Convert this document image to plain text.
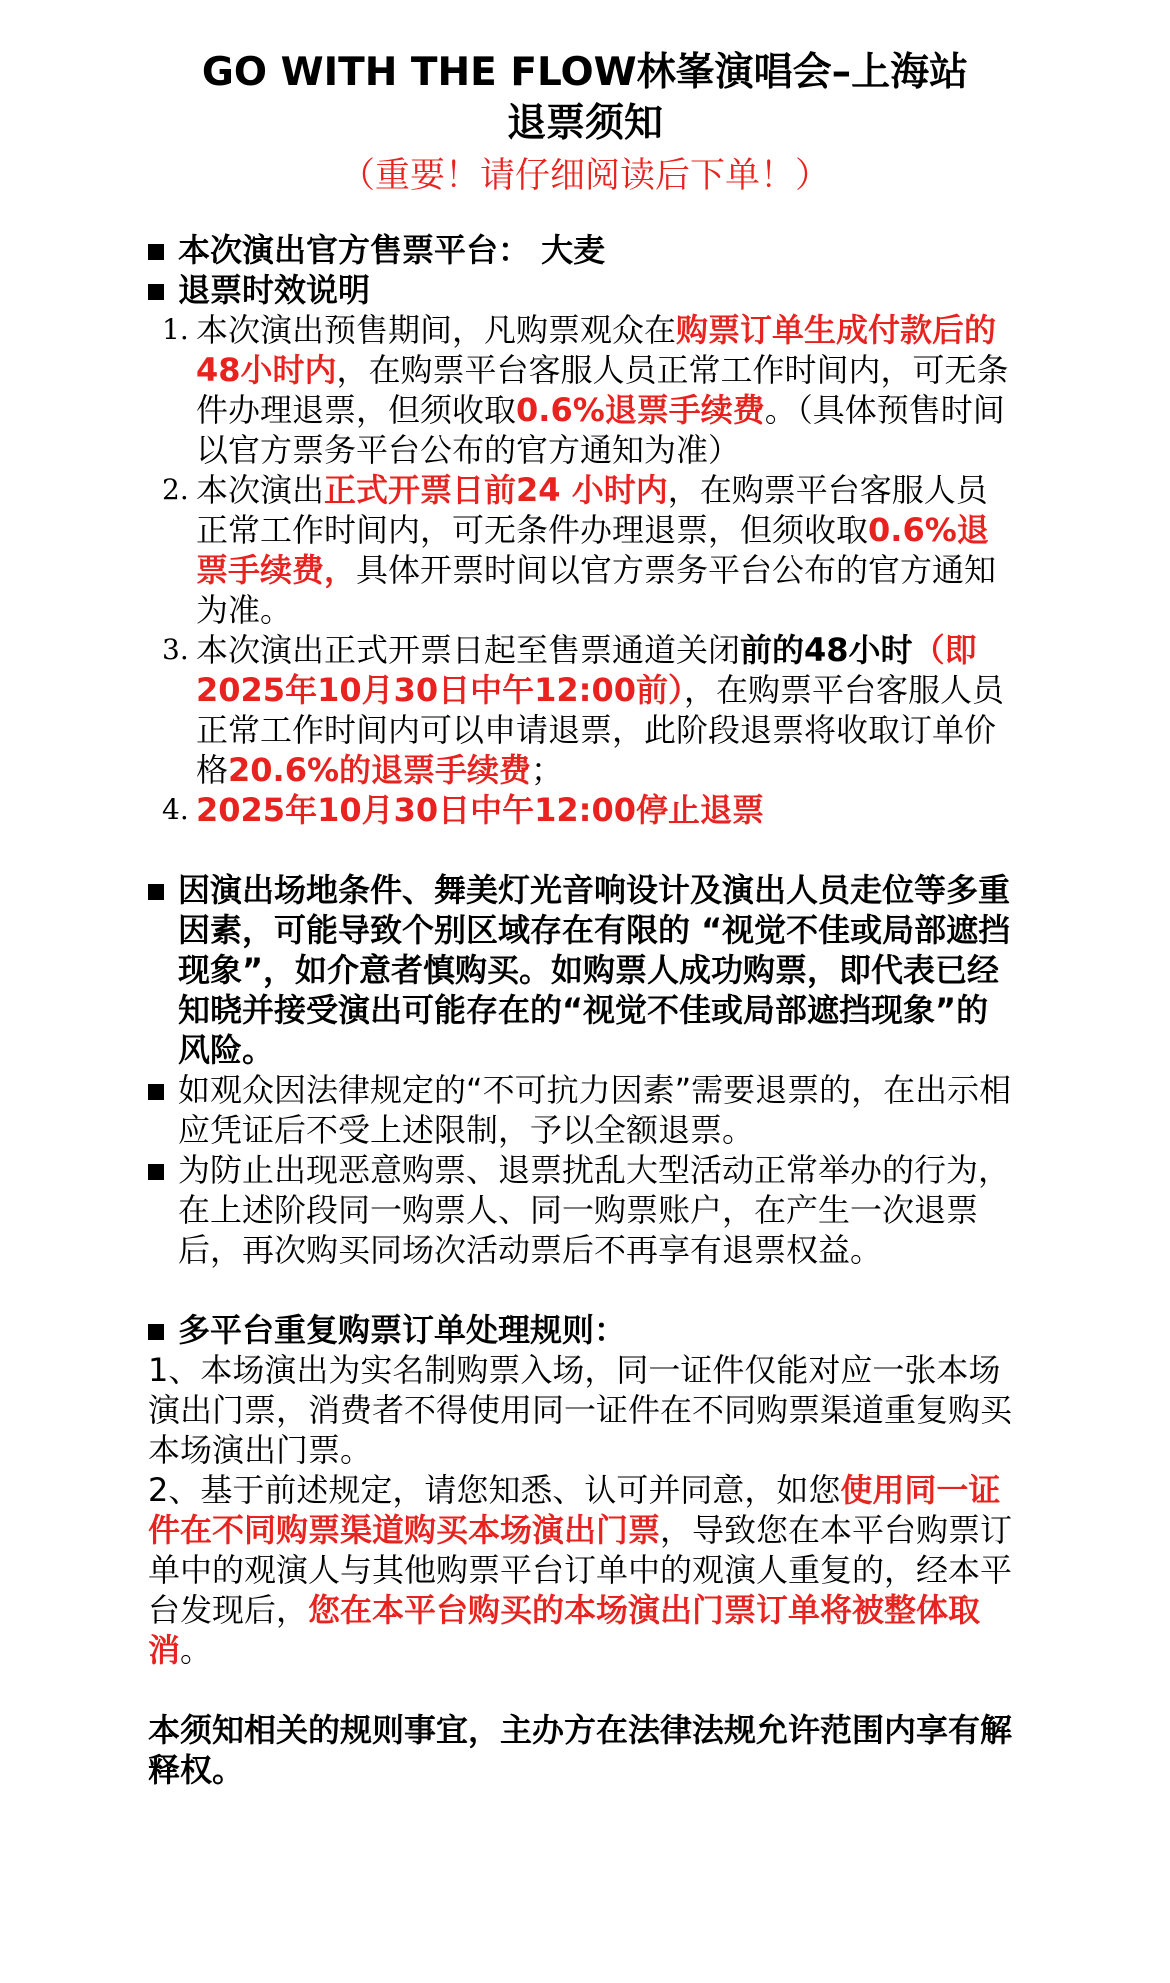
GO WITH THE FLOW林峯演唱会–上海站

退票须知

（重要！请仔细阅读后下单！）

本次演出官方售票平台： 大麦
退票时效说明
1. 本次演出预售期间，凡购票观众在购票订单生成付款后的48小时内，在购票平台客服人员正常工作时间内，可无条件办理退票，但须收取0.6%退票手续费。（具体预售时间以官方票务平台公布的官方通知为准）
2. 本次演出正式开票日前24 小时内，在购票平台客服人员正常工作时间内，可无条件办理退票，但须收取0.6%退票手续费，具体开票时间以官方票务平台公布的官方通知为准。
3. 本次演出正式开票日起至售票通道关闭前的48小时（即2025年10月30日中午12:00前），在购票平台客服人员正常工作时间内可以申请退票，此阶段退票将收取订单价格20.6%的退票手续费；
4. 2025年10月30日中午12:00停止退票
因演出场地条件、舞美灯光音响设计及演出人员走位等多重因素，可能导致个别区域存在有限的 “视觉不佳或局部遮挡现象”，如介意者慎购买。如购票人成功购票，即代表已经知晓并接受演出可能存在的“视觉不佳或局部遮挡现象”的风险。
如观众因法律规定的“不可抗力因素”需要退票的，在出示相应凭证后不受上述限制，予以全额退票。
为防止出现恶意购票、退票扰乱大型活动正常举办的行为，在上述阶段同一购票人、同一购票账户，在产生一次退票后，再次购买同场次活动票后不再享有退票权益。
多平台重复购票订单处理规则：
1、本场演出为实名制购票入场，同一证件仅能对应一张本场演出门票，消费者不得使用同一证件在不同购票渠道重复购买本场演出门票。
2、基于前述规定，请您知悉、认可并同意，如您使用同一证件在不同购票渠道购买本场演出门票，导致您在本平台购票订单中的观演人与其他购票平台订单中的观演人重复的，经本平台发现后，您在本平台购买的本场演出门票订单将被整体取消。
本须知相关的规则事宜，主办方在法律法规允许范围内享有解释权。
